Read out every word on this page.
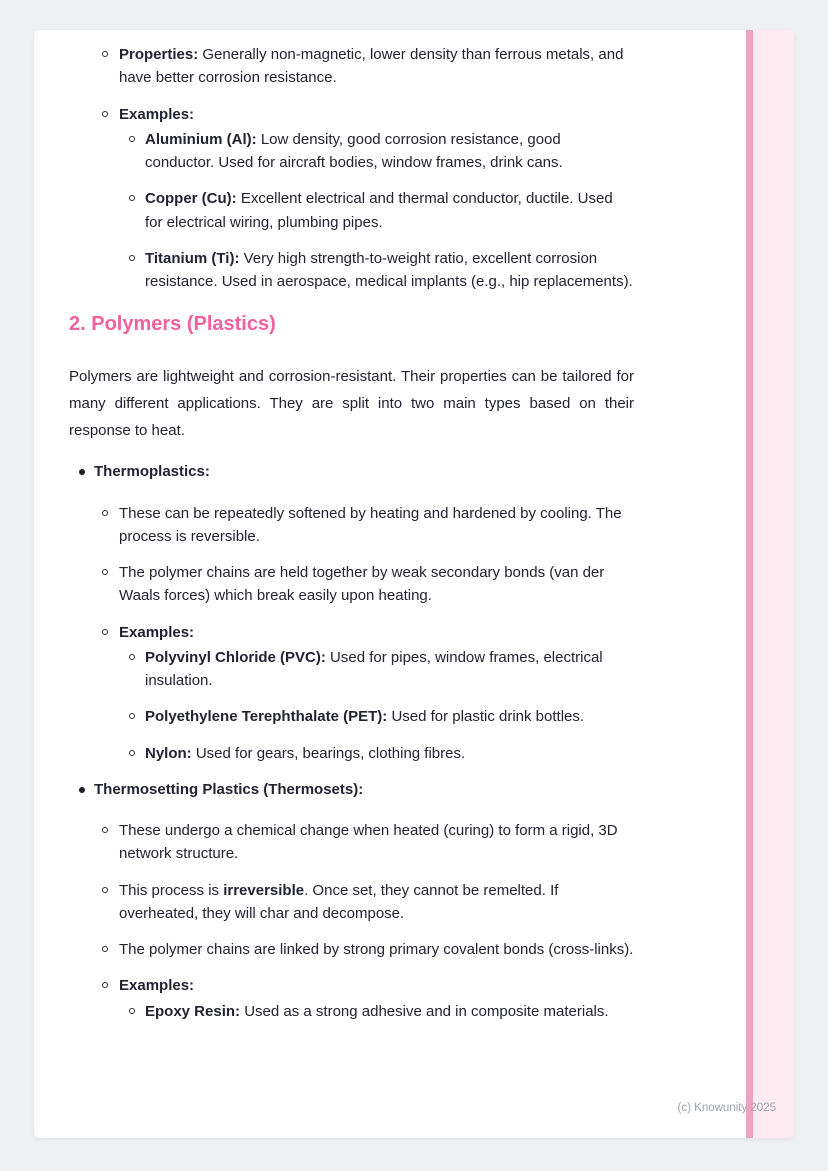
Properties: Generally non-magnetic, lower density than ferrous metals, and have better corrosion resistance.
Examples:
Aluminium (Al): Low density, good corrosion resistance, good conductor. Used for aircraft bodies, window frames, drink cans.
Copper (Cu): Excellent electrical and thermal conductor, ductile. Used for electrical wiring, plumbing pipes.
Titanium (Ti): Very high strength-to-weight ratio, excellent corrosion resistance. Used in aerospace, medical implants (e.g., hip replacements).
2. Polymers (Plastics)

Polymers are lightweight and corrosion-resistant. Their properties can be tailored for many different applications. They are split into two main types based on their response to heat.

Thermoplastics:
These can be repeatedly softened by heating and hardened by cooling. The process is reversible.
The polymer chains are held together by weak secondary bonds (van der Waals forces) which break easily upon heating.
Examples:
Polyvinyl Chloride (PVC): Used for pipes, window frames, electrical insulation.
Polyethylene Terephthalate (PET): Used for plastic drink bottles.
Nylon: Used for gears, bearings, clothing fibres.
Thermosetting Plastics (Thermosets):
These undergo a chemical change when heated (curing) to form a rigid, 3D network structure.
This process is irreversible. Once set, they cannot be remelted. If overheated, they will char and decompose.
The polymer chains are linked by strong primary covalent bonds (cross-links).
Examples:
Epoxy Resin: Used as a strong adhesive and in composite materials.
(c) Knowunity 2025
